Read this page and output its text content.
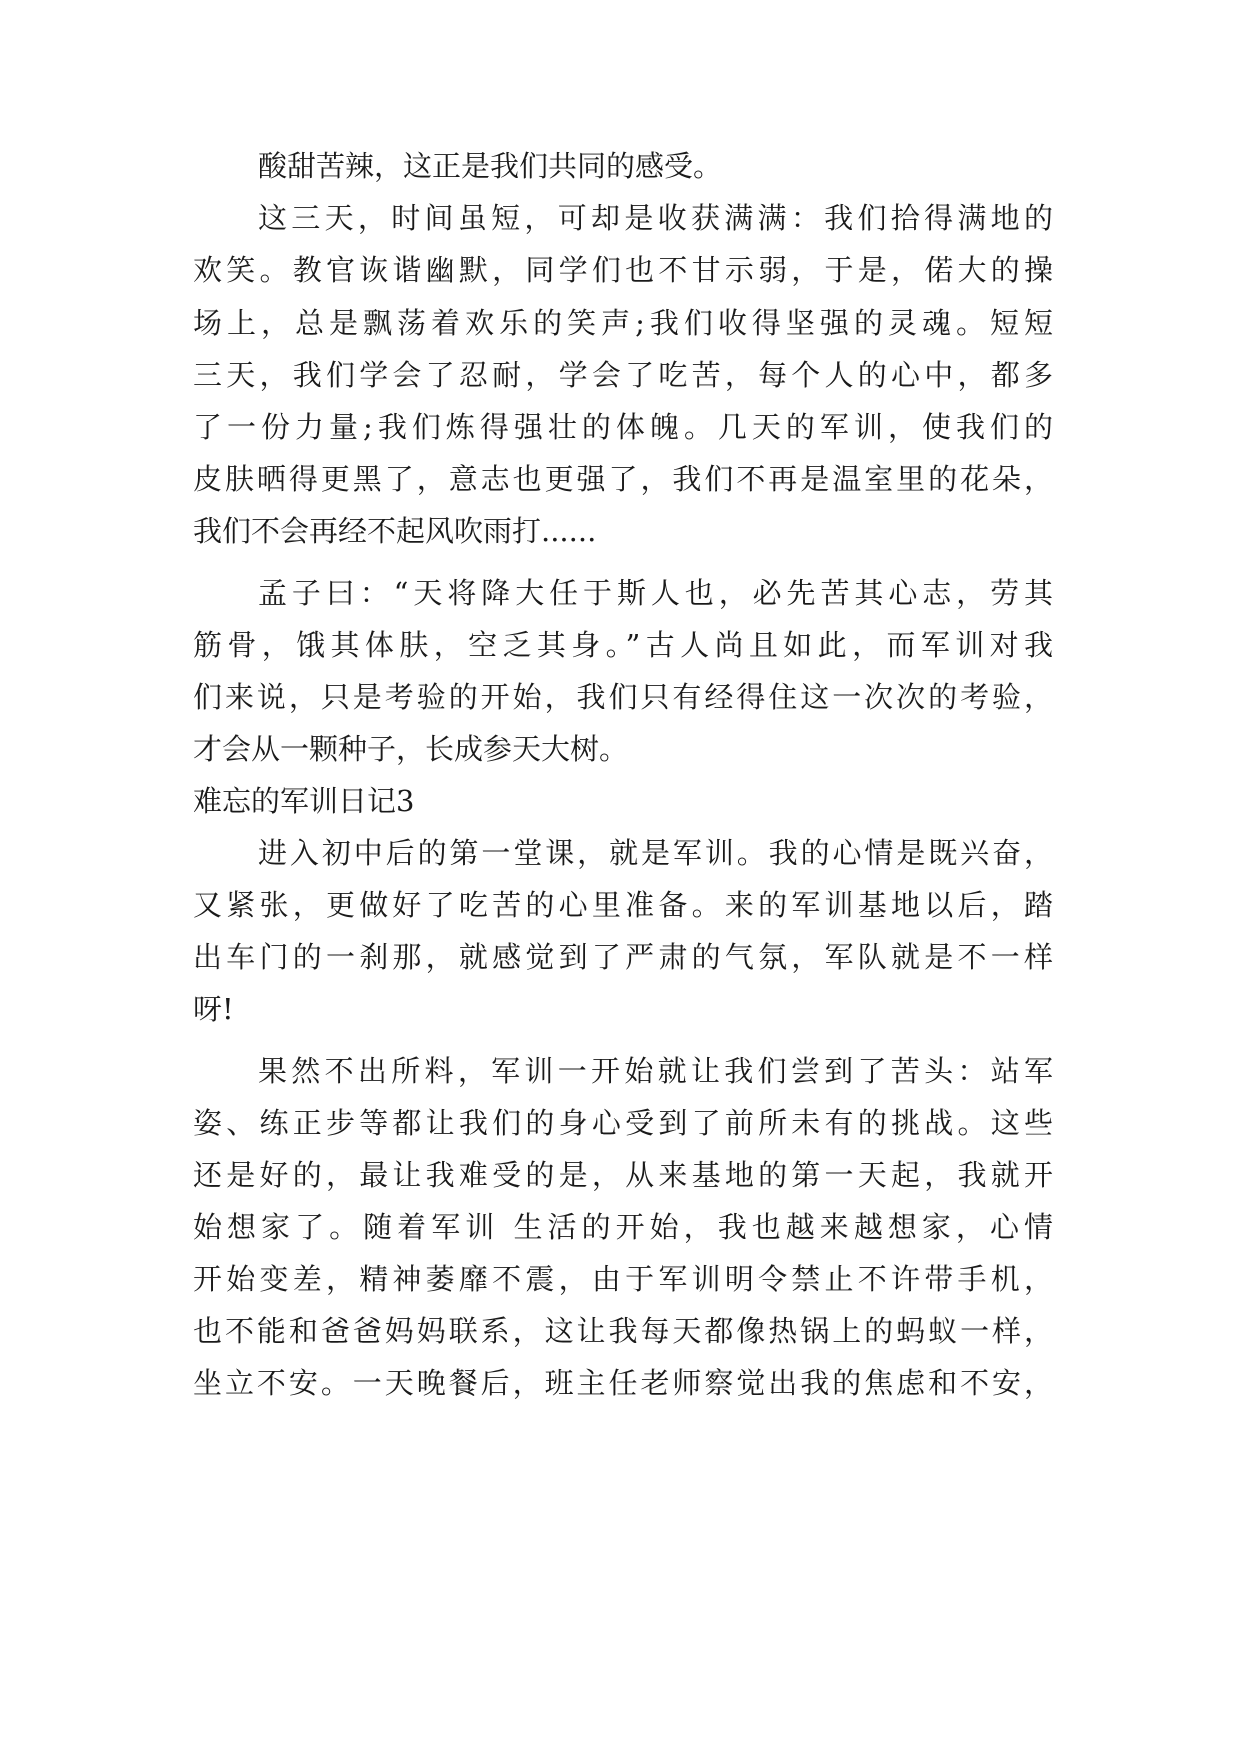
酸甜苦辣，这正是我们共同的感受。
这三天，时间虽短，可却是收获满满：我们拾得满地的
欢笑。教官诙谐幽默，同学们也不甘示弱，于是，偌大的操
场上，总是飘荡着欢乐的笑声;我们收得坚强的灵魂。短短
三天，我们学会了忍耐，学会了吃苦，每个人的心中，都多
了一份力量;我们炼得强壮的体魄。几天的军训，使我们的
皮肤晒得更黑了，意志也更强了，我们不再是温室里的花朵，
我们不会再经不起风吹雨打......
孟子曰：“天将降大任于斯人也，必先苦其心志，劳其
筋骨，饿其体肤，空乏其身。”古人尚且如此，而军训对我
们来说，只是考验的开始，我们只有经得住这一次次的考验，
才会从一颗种子，长成参天大树。
难忘的军训日记3
进入初中后的第一堂课，就是军训。我的心情是既兴奋，
又紧张，更做好了吃苦的心里准备。来的军训基地以后，踏
出车门的一刹那，就感觉到了严肃的气氛，军队就是不一样
呀!
果然不出所料，军训一开始就让我们尝到了苦头：站军
姿、练正步等都让我们的身心受到了前所未有的挑战。这些
还是好的，最让我难受的是，从来基地的第一天起，我就开
始想家了。随着军训 生活的开始，我也越来越想家，心情
开始变差，精神萎靡不震，由于军训明令禁止不许带手机，
也不能和爸爸妈妈联系，这让我每天都像热锅上的蚂蚁一样，
坐立不安。一天晚餐后，班主任老师察觉出我的焦虑和不安，
